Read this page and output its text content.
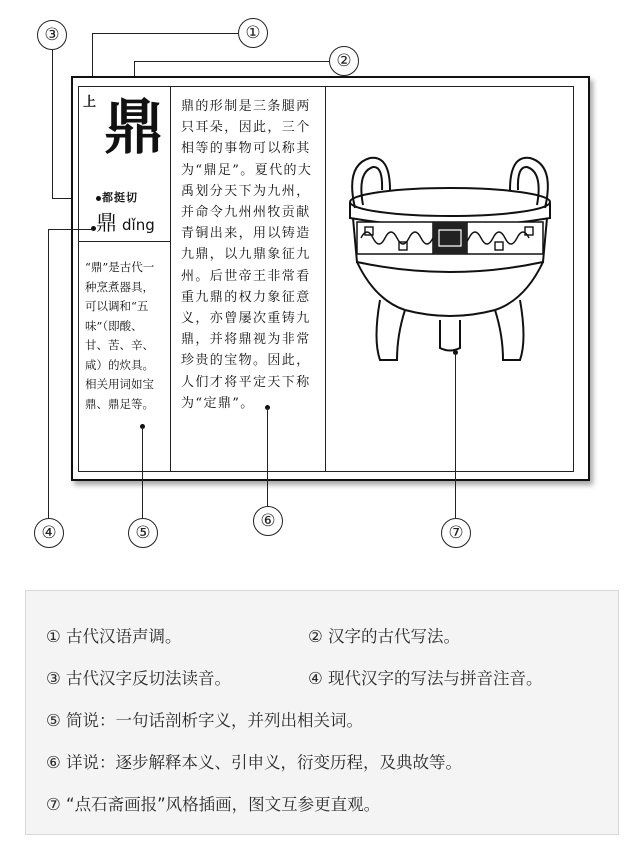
①
②
③
上 鼎
都挺切
鼎 dǐng
“鼎”是古代一种烹煮器具，可以调和“五味”（即酸、甘、苦、辛、咸）的炊具。相关用词如宝鼎、鼎足等。
鼎的形制是三条腿两只耳朵，因此，三个相等的事物可以称其为“鼎足”。夏代的大禹划分天下为九州，并命令九州州牧贡献青铜出来，用以铸造九鼎，以九鼎象征九州。后世帝王非常看重九鼎的权力象征意义，亦曾屡次重铸九鼎，并将鼎视为非常珍贵的宝物。因此，人们才将平定天下称为“定鼎”。
④	⑤
⑥
⑦
① 古代汉语声调。	② 汉字的古代写法。
③ 古代汉字反切法读音。	④ 现代汉字的写法与拼音注音。
⑤ 简说：一句话剖析字义，并列出相关词。
⑥ 详说：逐步解释本义、引申义，衍变历程，及典故等。
⑦ “点石斋画报”风格插画，图文互参更直观。
